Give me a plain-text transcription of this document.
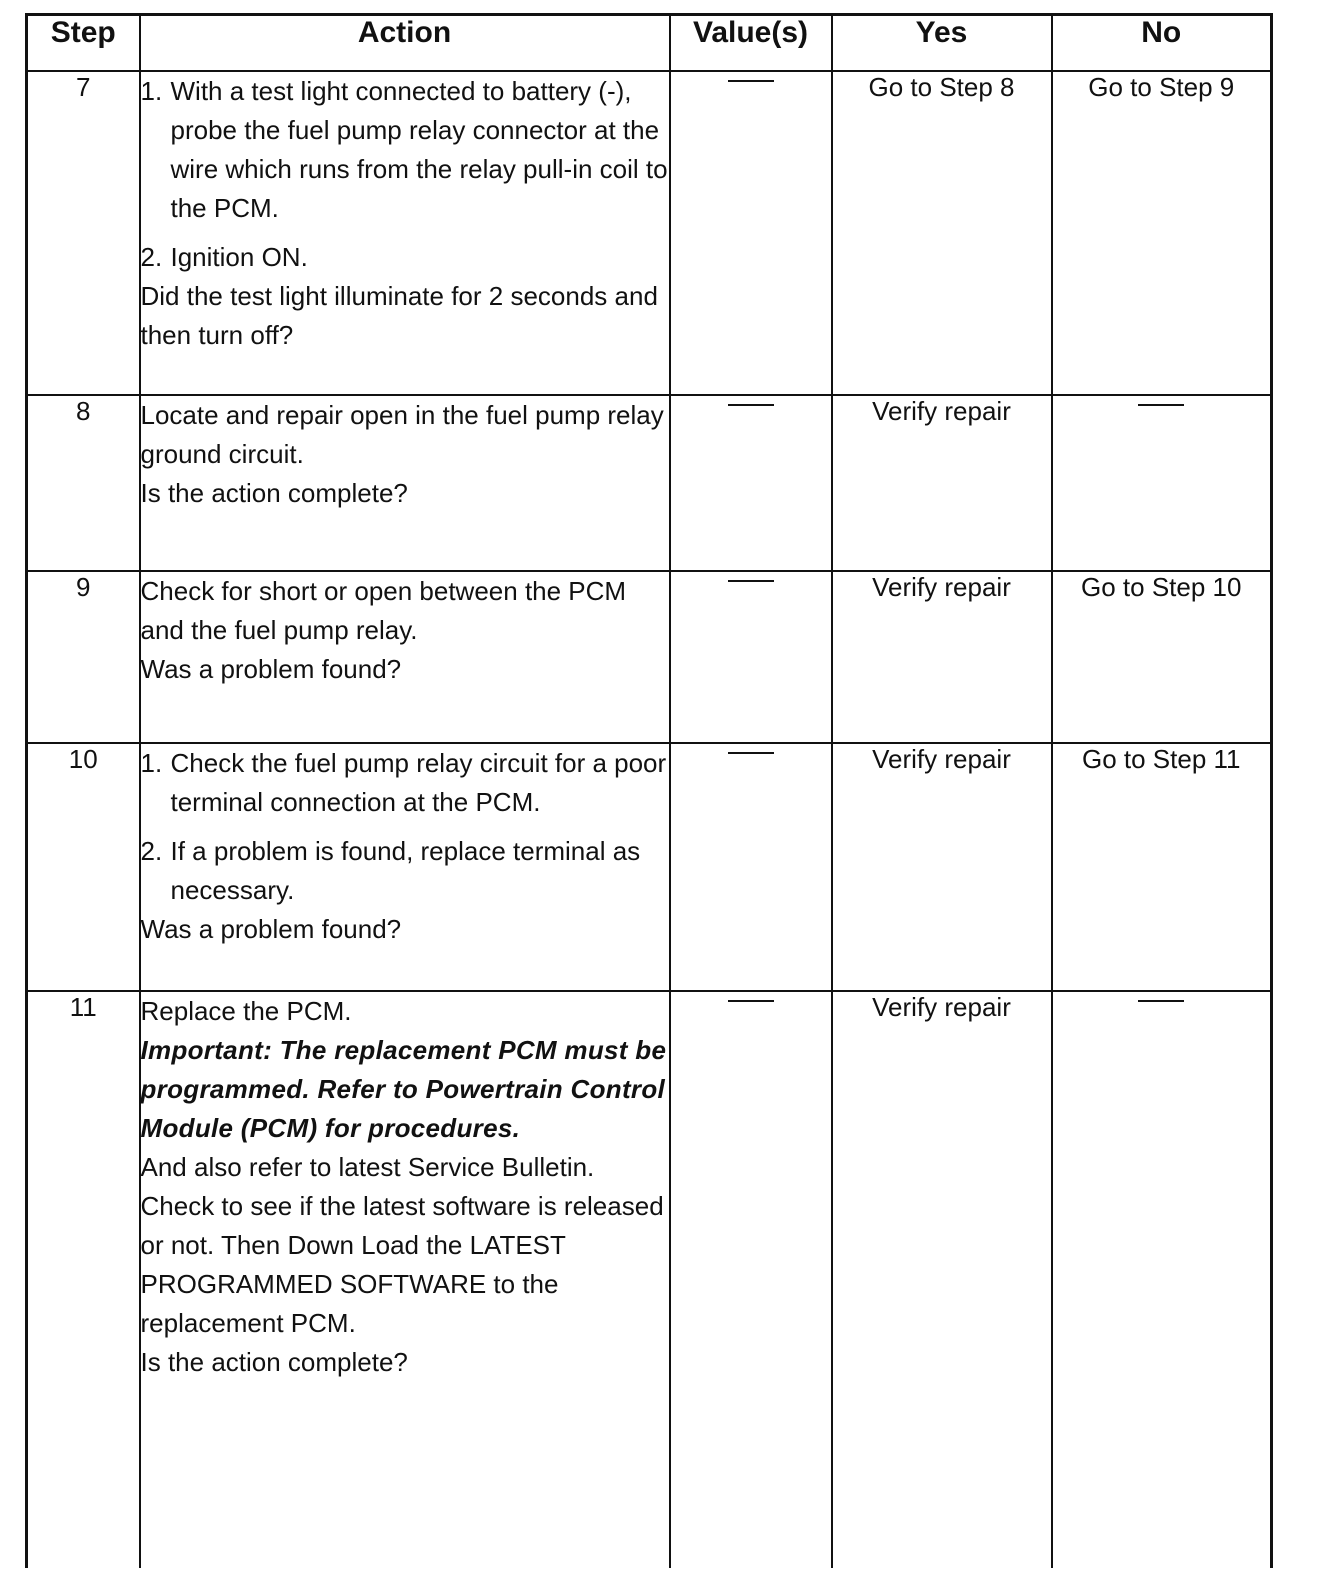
Step	Action	Value(s)	Yes	No
7	1. With a test light connected to battery (-), probe the fuel pump relay connector at the wire which runs from the relay pull-in coil to the PCM.
2. Ignition ON.

Did the test light illuminate for 2 seconds and then turn off?		Go to Step 8	Go to Step 9
8	Locate and repair open in the fuel pump relay ground circuit.

Is the action complete?		Verify repair	
9	Check for short or open between the PCM and the fuel pump relay.

Was a problem found?		Verify repair	Go to Step 10
10	1. Check the fuel pump relay circuit for a poor terminal connection at the PCM.
2. If a problem is found, replace terminal as necessary.

Was a problem found?		Verify repair	Go to Step 11
11	Replace the PCM.

Important: The replacement PCM must be programmed. Refer to Powertrain Control Module (PCM) for procedures.

And also refer to latest Service Bulletin. Check to see if the latest software is released or not. Then Down Load the LATEST PROGRAMMED SOFTWARE to the replacement PCM.

Is the action complete?		Verify repair	
